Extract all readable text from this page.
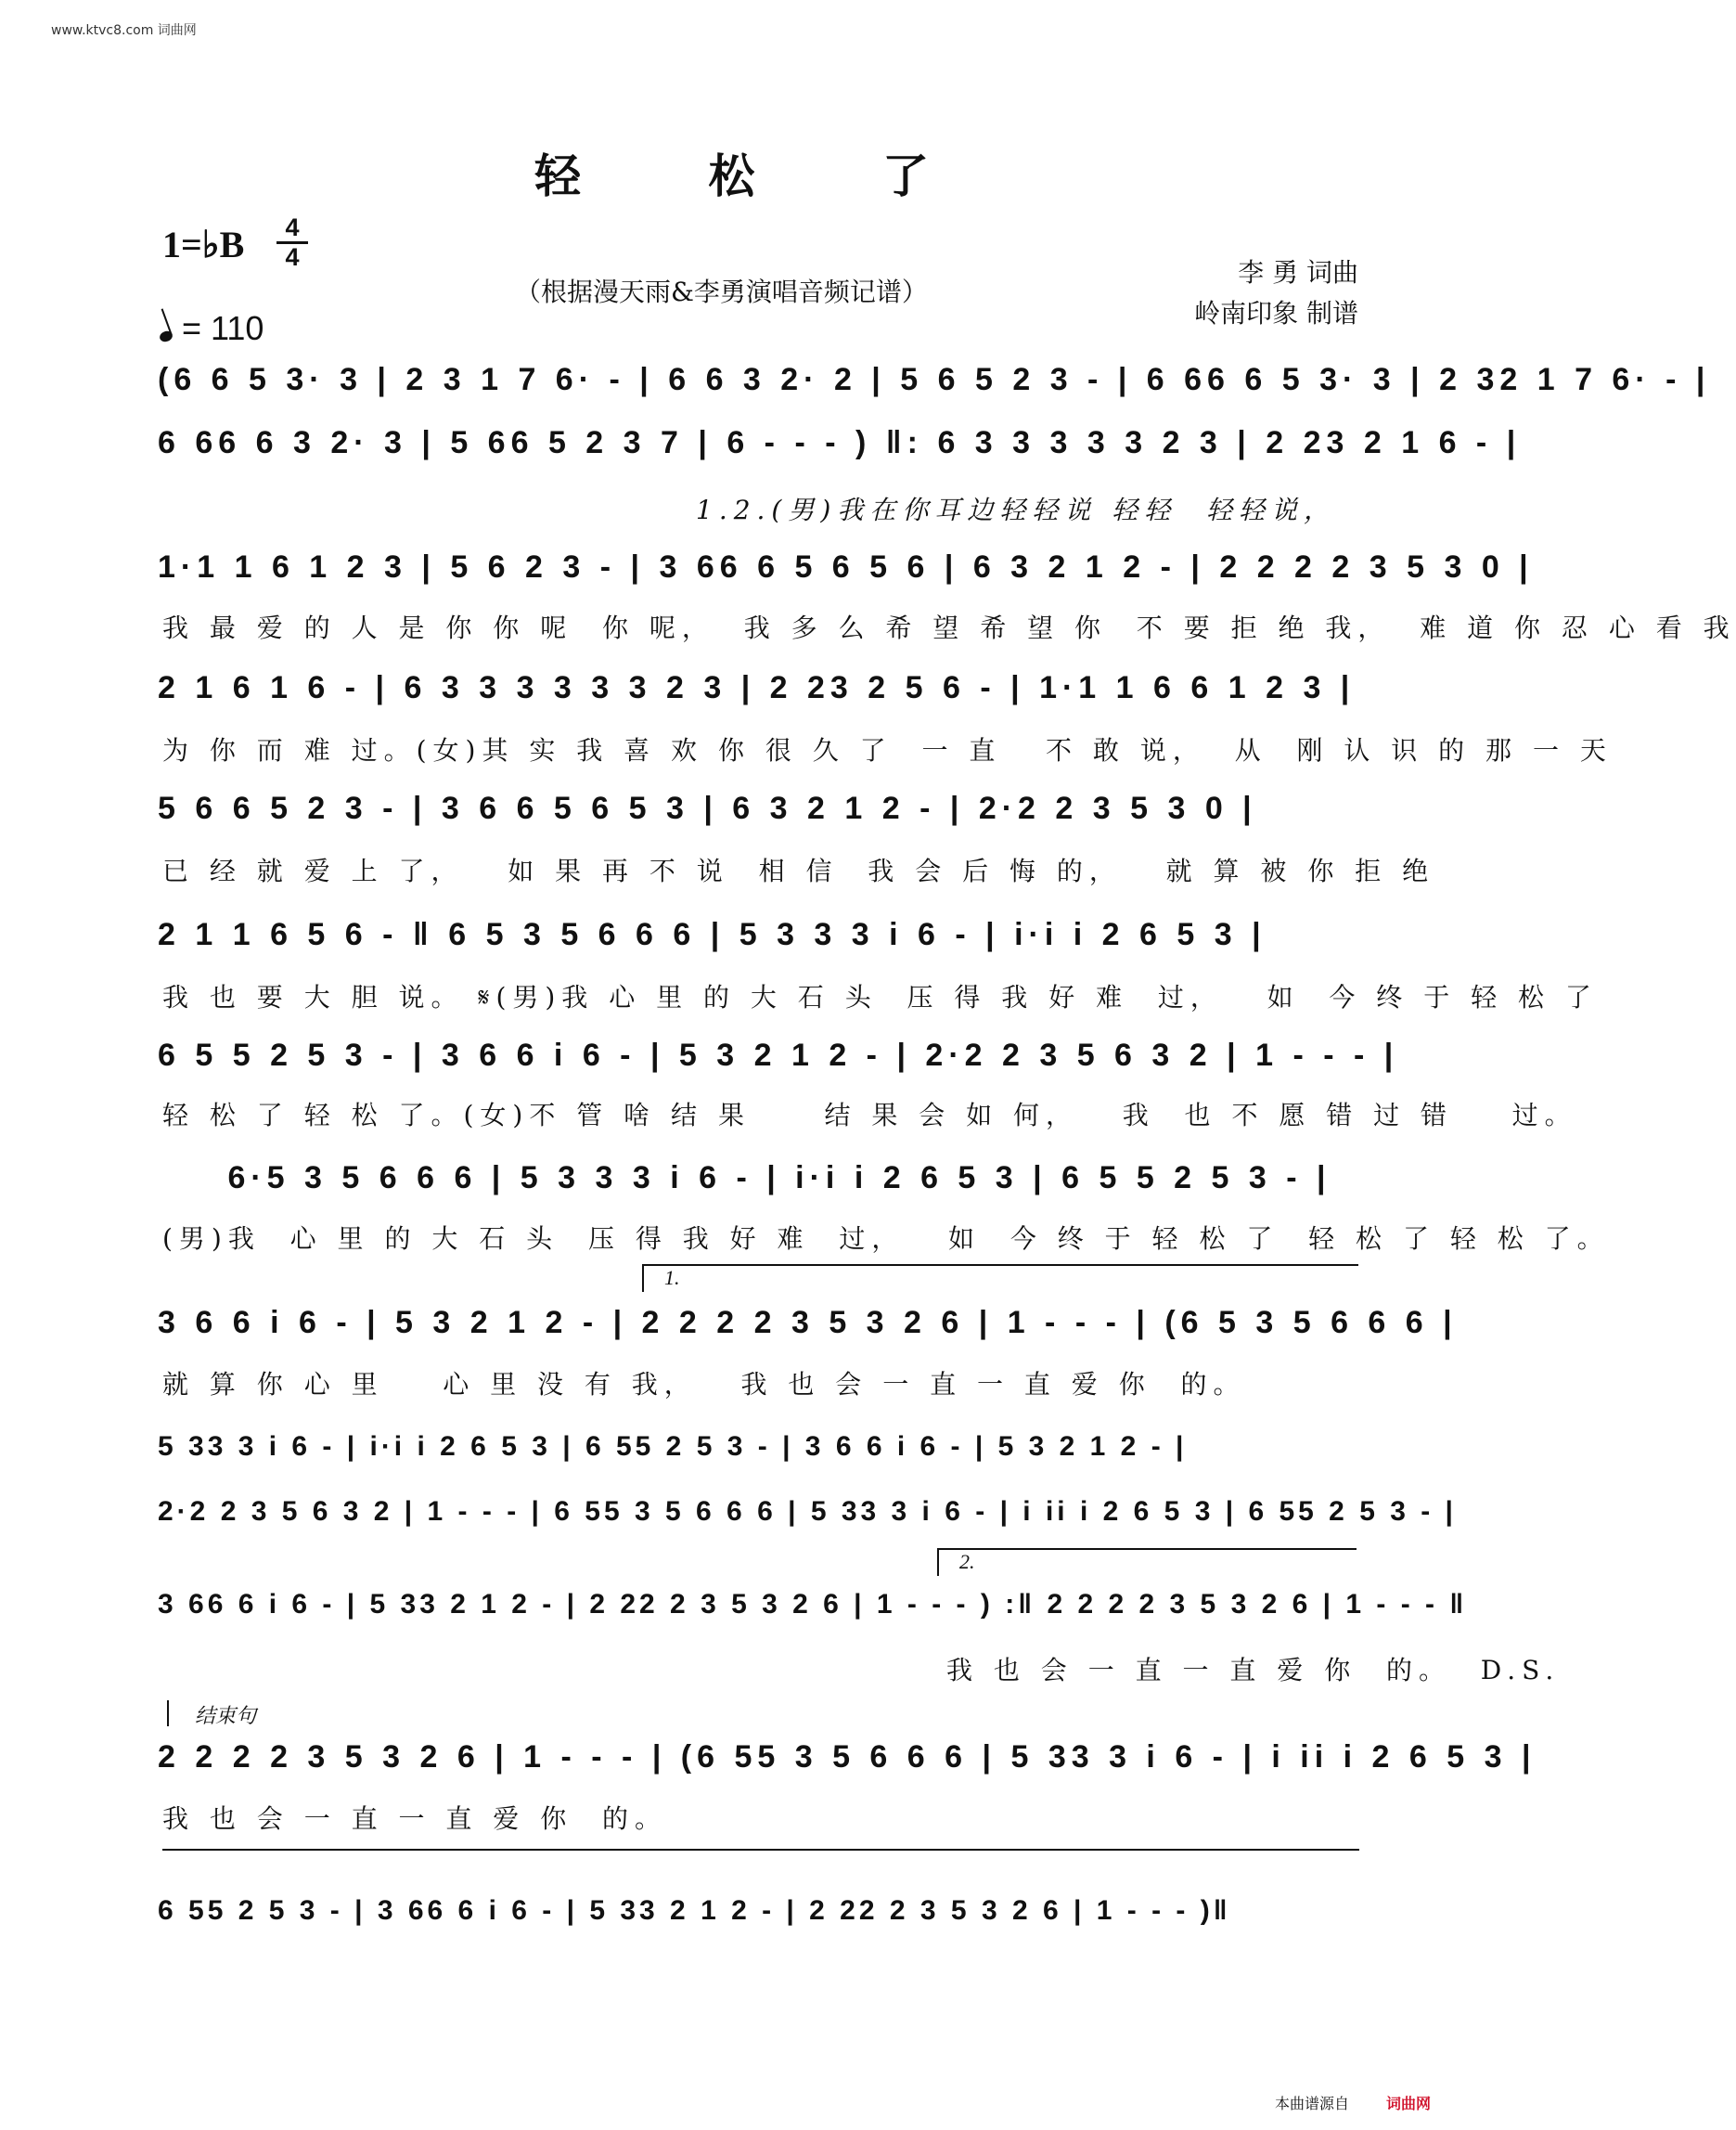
www.ktvc8.com 词曲网
轻 松 了
1=♭B	4
4
= 110
（根据漫天雨&李勇演唱音频记谱）
李 勇 词曲
岭南印象 制谱
(6 6 5 3· 3 | 2 3 1 7 6· - | 6 6 3 2· 2 | 5 6 5 2 3 - | 6 66 6 5 3· 3 | 2 32 1 7 6· - |
6 66 6 3 2· 3 | 5 66 5 2 3 7 | 6 - - - ) ‖: 6 3 3 3 3 3 2 3 | 2 23 2 1 6 - |
1.2.(男)我在你耳边轻轻说 轻轻  轻轻说，
1·1 1 6 1 2 3 | 5 6 2 3 - | 3 66 6 5 6 5 6 | 6 3 2 1 2 - | 2 2 2 2 3 5 3 0 |
我 最 爱 的 人 是 你 你 呢  你 呢，  我 多 么 希 望 希 望 你  不 要 拒 绝 我，  难 道 你 忍 心 看 我
2 1 6 1 6 - | 6 3 3 3 3 3 3 2 3 | 2 23 2 5 6 - | 1·1 1 6 6 1 2 3 |
为 你 而 难 过。(女)其 实 我 喜 欢 你 很 久 了  一 直   不 敢 说，  从  刚 认 识 的 那 一 天
5 6 6 5 2 3 - | 3 6 6 5 6 5 3 | 6 3 2 1 2 - | 2·2 2 3 5 3 0 |
已 经 就 爱 上 了，   如 果 再 不 说  相 信  我 会 后 悔 的，   就 算 被 你 拒 绝
2 1 1 6 5 6 - ‖ 6 5 3 5 6 6 6 | 5 3 3 3 i 6 - | i·i i 2 6 5 3 |
我 也 要 大 胆 说。 𝄋(男)我 心 里 的 大 石 头  压 得 我 好 难  过，   如  今 终 于 轻 松 了
6 5 5 2 5 3 - | 3 6 6 i 6 - | 5 3 2 1 2 - | 2·2 2 3 5 6 3 2 | 1 - - - |
轻 松 了 轻 松 了。(女)不 管 啥 结 果     结 果 会 如 何，   我  也 不 愿 错 过 错    过。
6·5 3 5 6 6 6 | 5 3 3 3 i 6 - | i·i i 2 6 5 3 | 6 5 5 2 5 3 - |
(男)我  心 里 的 大 石 头  压 得 我 好 难  过，   如  今 终 于 轻 松 了  轻 松 了 轻 松 了。
1.
3 6 6 i 6 - | 5 3 2 1 2 - | 2 2 2 2 3 5 3 2 6 | 1 - - - | (6 5 3 5 6 6 6 |
就 算 你 心 里    心 里 没 有 我，   我 也 会 一 直 一 直 爱 你  的。
5 33 3 i 6 - | i·i i 2 6 5 3 | 6 55 2 5 3 - | 3 6 6 i 6 - | 5 3 2 1 2 - |
2·2 2 3 5 6 3 2 | 1 - - - | 6 55 3 5 6 6 6 | 5 33 3 i 6 - | i ii i 2 6 5 3 | 6 55 2 5 3 - |
2.
3 66 6 i 6 - | 5 33 2 1 2 - | 2 22 2 3 5 3 2 6 | 1 - - - ) :‖ 2 2 2 2 3 5 3 2 6 | 1 - - - ‖
我 也 会 一 直 一 直 爱 你  的。  D.S.
结束句
2 2 2 2 3 5 3 2 6 | 1 - - - | (6 55 3 5 6 6 6 | 5 33 3 i 6 - | i ii i 2 6 5 3 |
我 也 会 一 直 一 直 爱 你  的。
6 55 2 5 3 - | 3 66 6 i 6 - | 5 33 2 1 2 - | 2 22 2 3 5 3 2 6 | 1 - - - )‖
本曲谱源自	词曲网
